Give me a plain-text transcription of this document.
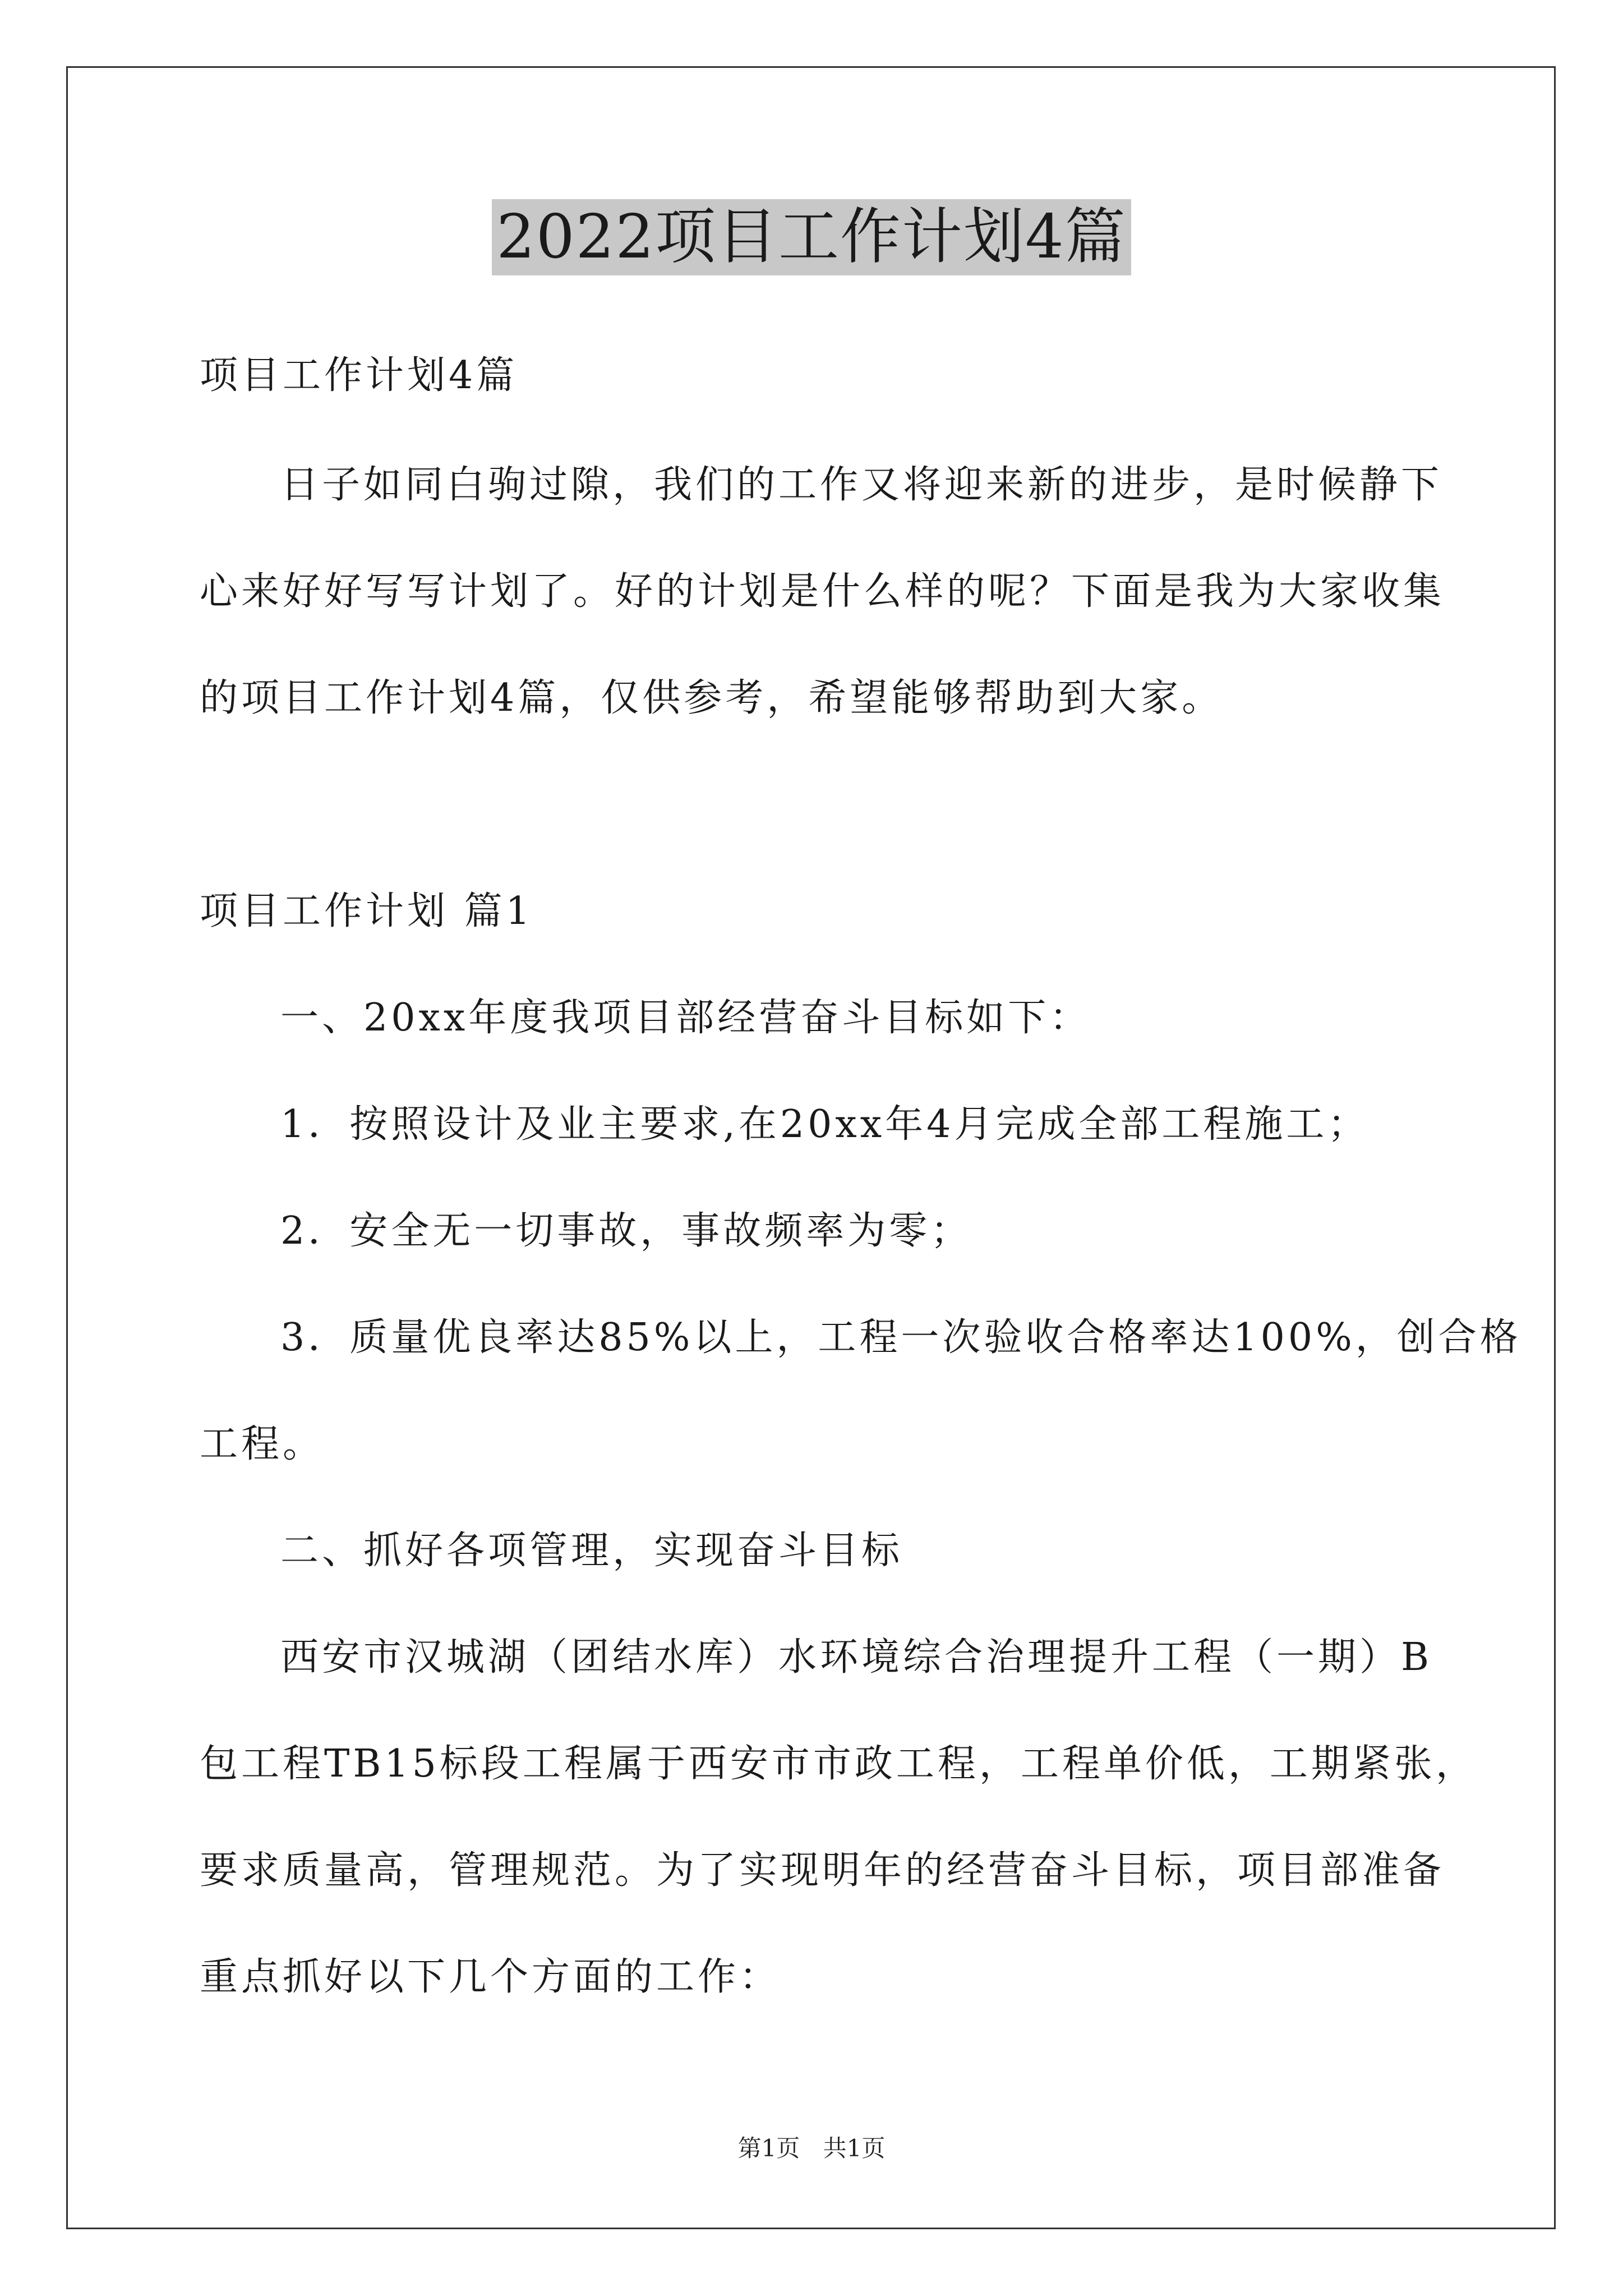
2022项目工作计划4篇
项目工作计划4篇
日子如同白驹过隙，我们的工作又将迎来新的进步，是时候静下
心来好好写写计划了。好的计划是什么样的呢？下面是我为大家收集
的项目工作计划4篇，仅供参考，希望能够帮助到大家。
项目工作计划 篇1
一、20xx年度我项目部经营奋斗目标如下：
1．按照设计及业主要求,在20xx年4月完成全部工程施工；
2．安全无一切事故，事故频率为零；
3．质量优良率达85%以上，工程一次验收合格率达100%，创合格
工程。
二、抓好各项管理，实现奋斗目标
西安市汉城湖（团结水库）水环境综合治理提升工程（一期）B
包工程TB15标段工程属于西安市市政工程，工程单价低，工期紧张，
要求质量高，管理规范。为了实现明年的经营奋斗目标，项目部准备
重点抓好以下几个方面的工作：
第1页 共1页
